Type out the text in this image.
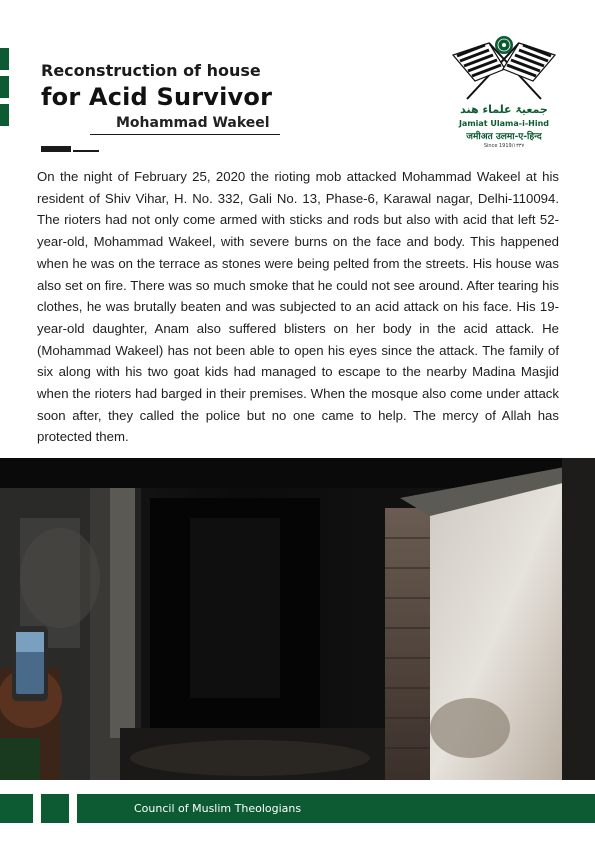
Reconstruction of house
for Acid Survivor
Mohammad Wakeel
جمعیۃ علماء ھند
Jamiat Ulama-i-Hind
जमीअत उलमा-ए-हिन्द
Since 1919/١٣٣٧
On the night of February 25, 2020 the rioting mob attacked Mohammad Wakeel at his resident of Shiv Vihar, H. No. 332, Gali No. 13, Phase-6, Karawal nagar, Delhi-110094. The rioters had not only come armed with sticks and rods but also with acid that left 52-year-old, Mohammad Wakeel, with severe burns on the face and body. This happened when he was on the terrace as stones were being pelted from the streets. His house was also set on fire. There was so much smoke that he could not see around. After tearing his clothes, he was brutally beaten and was subjected to an acid attack on his face. His 19-year-old daughter, Anam also suffered blisters on her body in the acid attack. He (Mohammad Wakeel) has not been able to open his eyes since the attack. The family of six along with his two goat kids had managed to escape to the nearby Madina Masjid when the rioters had barged in their premises. When the mosque also come under attack soon after, they called the police but no one came to help. The mercy of Allah has protected them.
Council of Muslim Theologians
